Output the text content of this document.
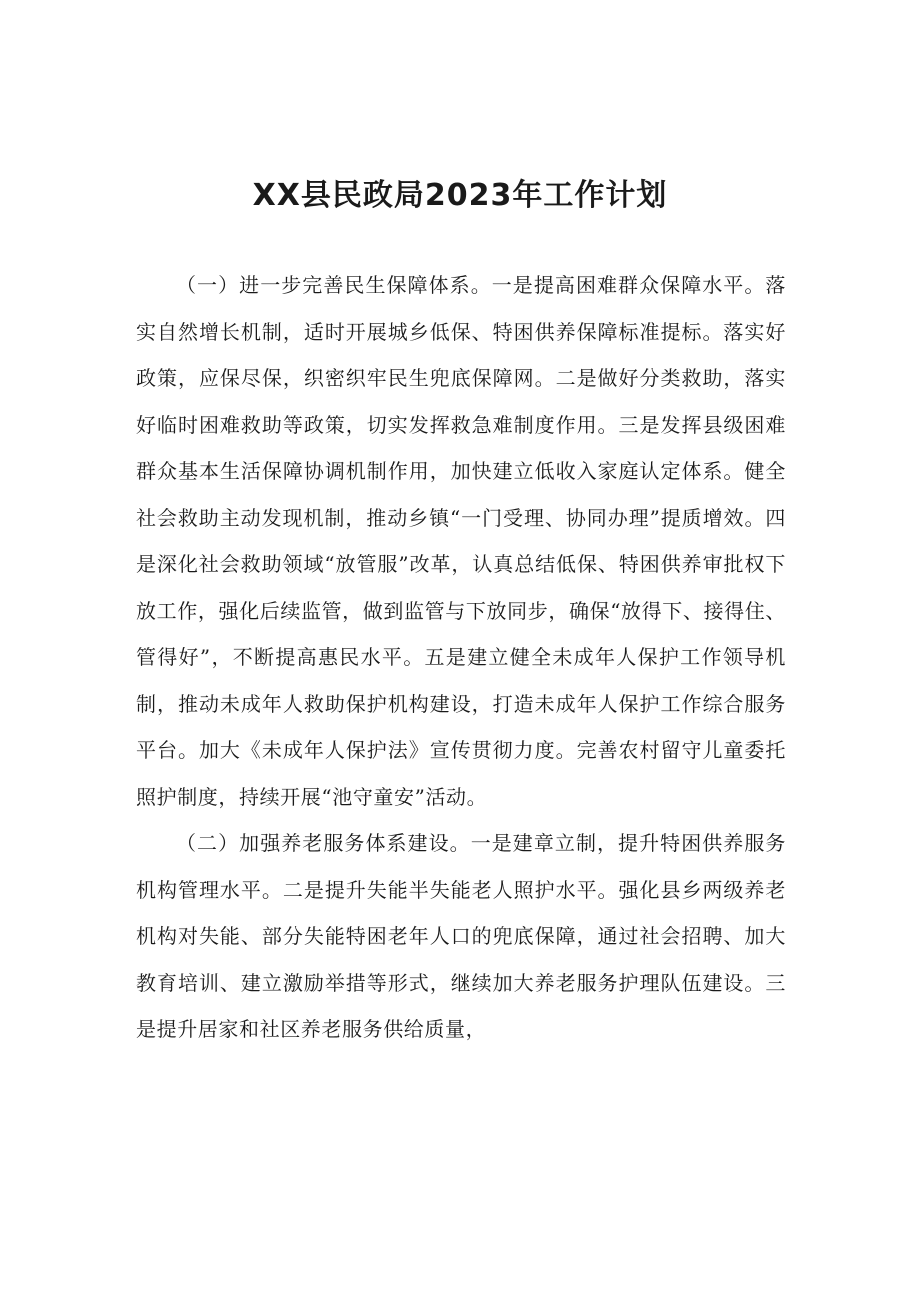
XX县民政局2023年工作计划

（一）进一步完善民生保障体系。一是提高困难群众保障水平。落实自然增长机制，适时开展城乡低保、特困供养保障标准提标。落实好政策，应保尽保，织密织牢民生兜底保障网。二是做好分类救助，落实好临时困难救助等政策，切实发挥救急难制度作用。三是发挥县级困难群众基本生活保障协调机制作用，加快建立低收入家庭认定体系。健全社会救助主动发现机制，推动乡镇“一门受理、协同办理”提质增效。四是深化社会救助领域“放管服”改革，认真总结低保、特困供养审批权下放工作，强化后续监管，做到监管与下放同步，确保“放得下、接得住、管得好”，不断提高惠民水平。五是建立健全未成年人保护工作领导机制，推动未成年人救助保护机构建设，打造未成年人保护工作综合服务平台。加大《未成年人保护法》宣传贯彻力度。完善农村留守儿童委托照护制度，持续开展“池守童安”活动。

（二）加强养老服务体系建设。一是建章立制，提升特困供养服务机构管理水平。二是提升失能半失能老人照护水平。强化县乡两级养老机构对失能、部分失能特困老年人口的兜底保障，通过社会招聘、加大教育培训、建立激励举措等形式，继续加大养老服务护理队伍建设。三是提升居家和社区养老服务供给质量，
